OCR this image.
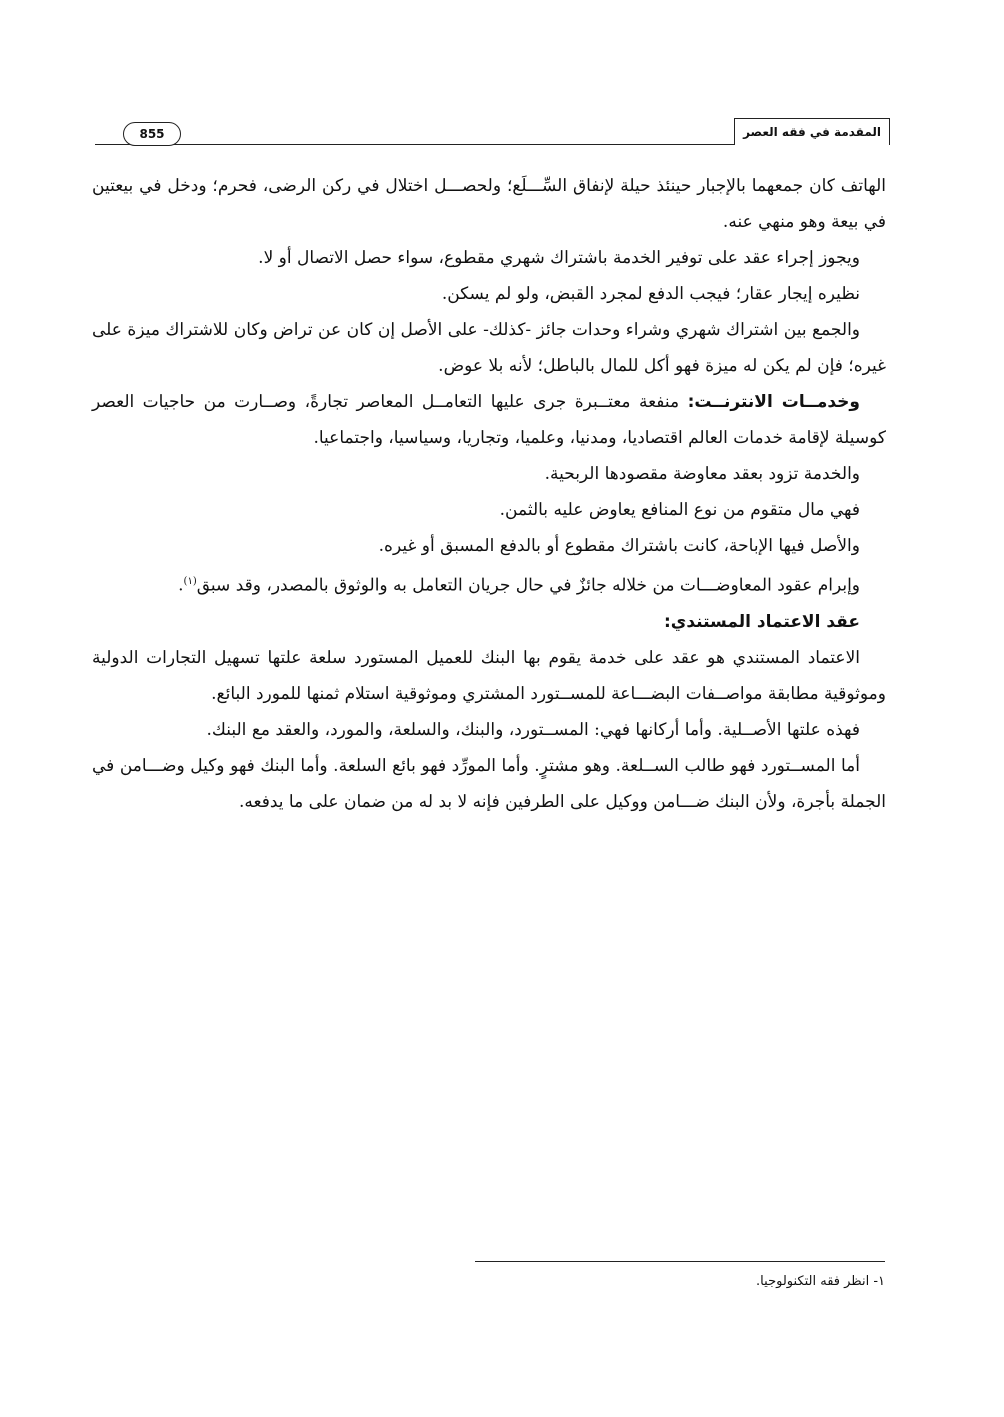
855	المقدمة في فقه العصر

الهاتف كان جمعهما بالإجبار حينئذ حيلة لإنفاق السِّـــلَع؛ ولحصـــل اختلال في ركن الرضى، فحرم؛ ودخل في بيعتين في بيعة وهو منهي عنه.

ويجوز إجراء عقد على توفير الخدمة باشتراك شهري مقطوع، سواء حصل الاتصال أو لا.

نظيره إيجار عقار؛ فيجب الدفع لمجرد القبض، ولو لم يسكن.

والجمع بين اشتراك شهري وشراء وحدات جائز -كذلك- على الأصل إن كان عن تراض وكان للاشتراك ميزة على غيره؛ فإن لم يكن له ميزة فهو أكل للمال بالباطل؛ لأنه بلا عوض.

وخدمــات الانترنــت: منفعة معتــبرة جرى عليها التعامــل المعاصر تجارةً، وصــارت من حاجيات العصر كوسيلة لإقامة خدمات العالم اقتصاديا، ومدنيا، وعلميا، وتجاريا، وسياسيا، واجتماعيا.

والخدمة تزود بعقد معاوضة مقصودها الربحية.

فهي مال متقوم من نوع المنافع يعاوض عليه بالثمن.

والأصل فيها الإباحة، كانت باشتراك مقطوع أو بالدفع المسبق أو غيره.

وإبرام عقود المعاوضـــات من خلاله جائزٌ في حال جريان التعامل به والوثوق بالمصدر، وقد سبق$^{(١)}$.

عقد الاعتماد المستندي:

الاعتماد المستندي هو عقد على خدمة يقوم بها البنك للعميل المستورد سلعة علتها تسهيل التجارات الدولية وموثوقية مطابقة مواصــفات البضـــاعة للمســتورد المشتري وموثوقية استلام ثمنها للمورد البائع.

فهذه علتها الأصــلية. وأما أركانها فهي: المســتورد، والبنك، والسلعة، والمورد، والعقد مع البنك.

أما المســتورد فهو طالب الســلعة. وهو مشترٍ. وأما المورِّد فهو بائع السلعة. وأما البنك فهو وكيل وضـــامن في الجملة بأجرة، ولأن البنك ضـــامن ووكيل على الطرفين فإنه لا بد له من ضمان على ما يدفعه.

١- انظر فقه التكنولوجيا.
